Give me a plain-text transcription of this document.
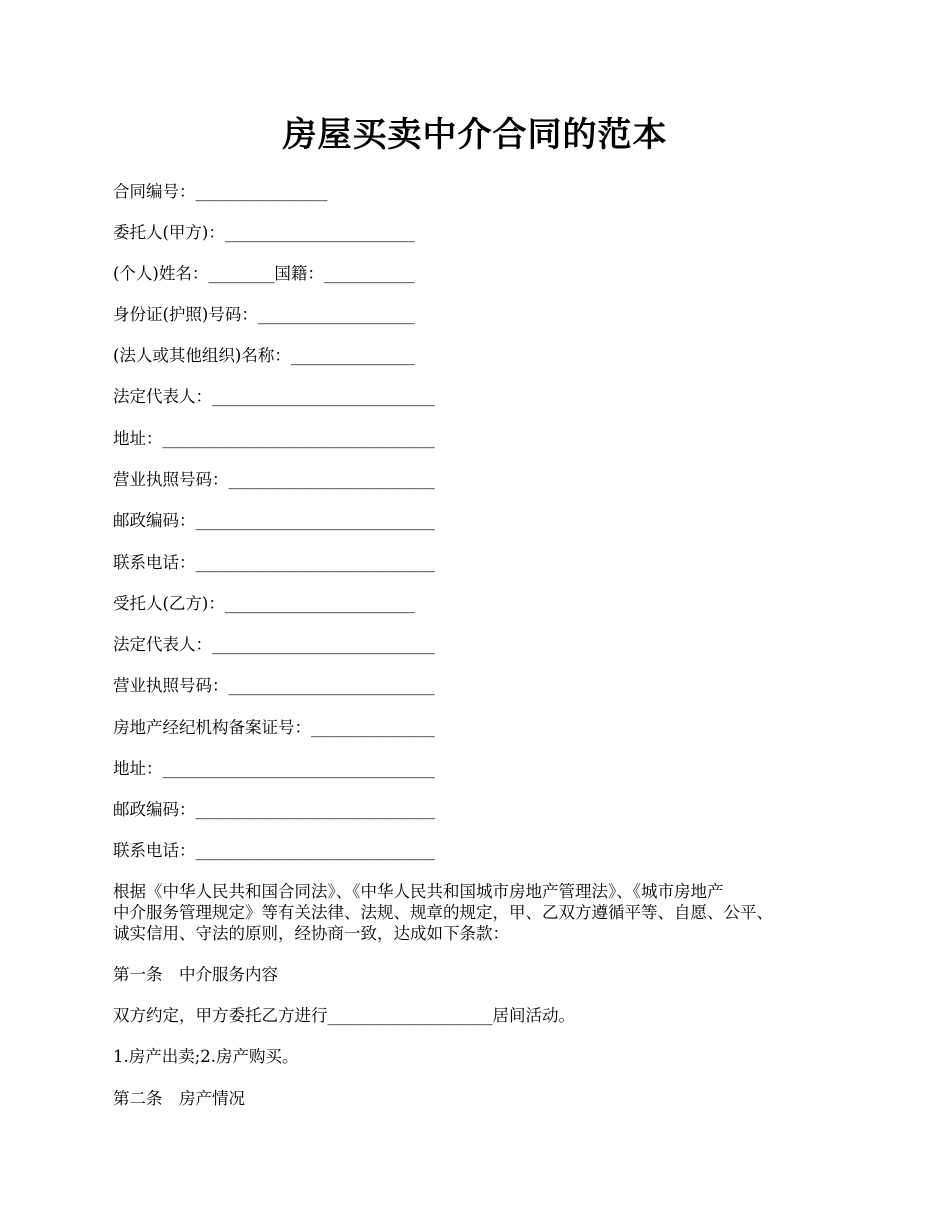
房屋买卖中介合同的范本
合同编号：________________
委托人(甲方)：_______________________
(个人)姓名：________国籍：___________
身份证(护照)号码：___________________
(法人或其他组织)名称：_______________
法定代表人：___________________________
地址：_________________________________
营业执照号码：_________________________
邮政编码：_____________________________
联系电话：_____________________________
受托人(乙方)：_______________________
法定代表人：___________________________
营业执照号码：_________________________
房地产经纪机构备案证号：_______________
地址：_________________________________
邮政编码：_____________________________
联系电话：_____________________________
根据《中华人民共和国合同法》、《中华人民共和国城市房地产管理法》、《城市房地产
中介服务管理规定》等有关法律、法规、规章的规定，甲、乙双方遵循平等、自愿、公平、
诚实信用、守法的原则，经协商一致，达成如下条款：
第一条　中介服务内容
双方约定，甲方委托乙方进行____________________居间活动。
1.房产出卖;2.房产购买。
第二条　房产情况
